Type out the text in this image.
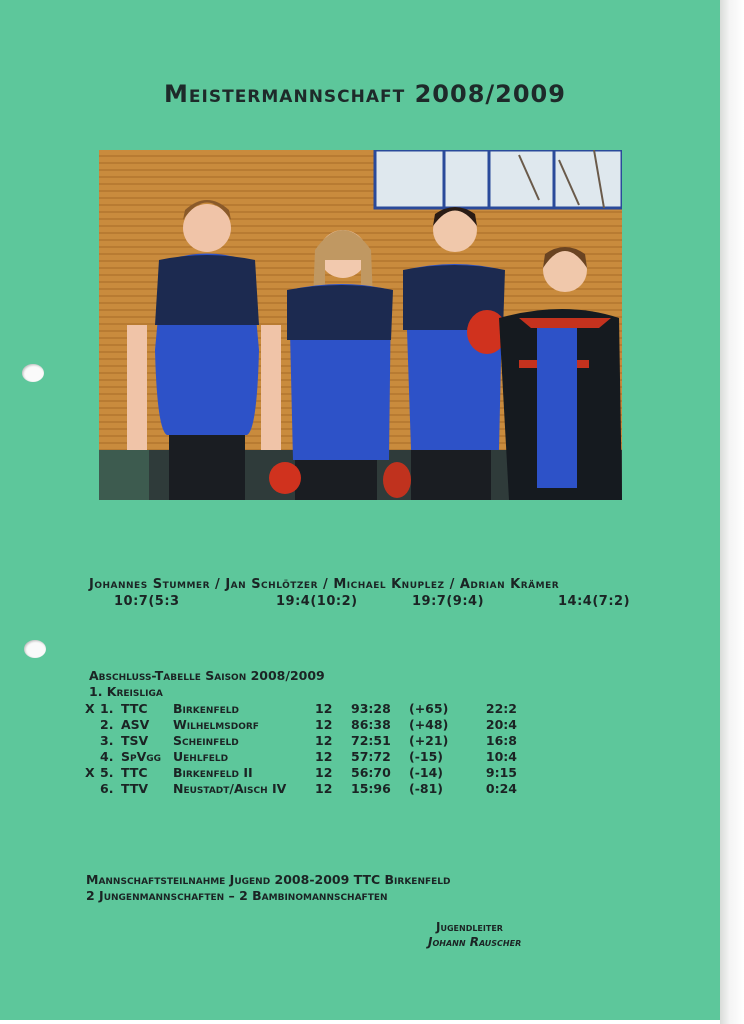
Meistermannschaft 2008/2009
Johannes Stummer / Jan Schlötzer / Michael Knuplez / Adrian Krämer
10:7(5:3	19:4(10:2)	19:7(9:4)	14:4(7:2)
Abschluss-Tabelle Saison 2008/2009
1. Kreisliga
X	1.	TTC	Birkenfeld	12	93:28	(+65)	22:2
	2.	ASV	Wilhelmsdorf	12	86:38	(+48)	20:4
	3.	TSV	Scheinfeld	12	72:51	(+21)	16:8
	4.	SpVgg	Uehlfeld	12	57:72	(-15)	10:4
X	5.	TTC	Birkenfeld II	12	56:70	(-14)	9:15
	6.	TTV	Neustadt/Aisch IV	12	15:96	(-81)	0:24
Mannschaftsteilnahme Jugend 2008-2009 TTC Birkenfeld
2 Jungenmannschaften – 2 Bambinomannschaften
Jugendleiter
Johann Rauscher
